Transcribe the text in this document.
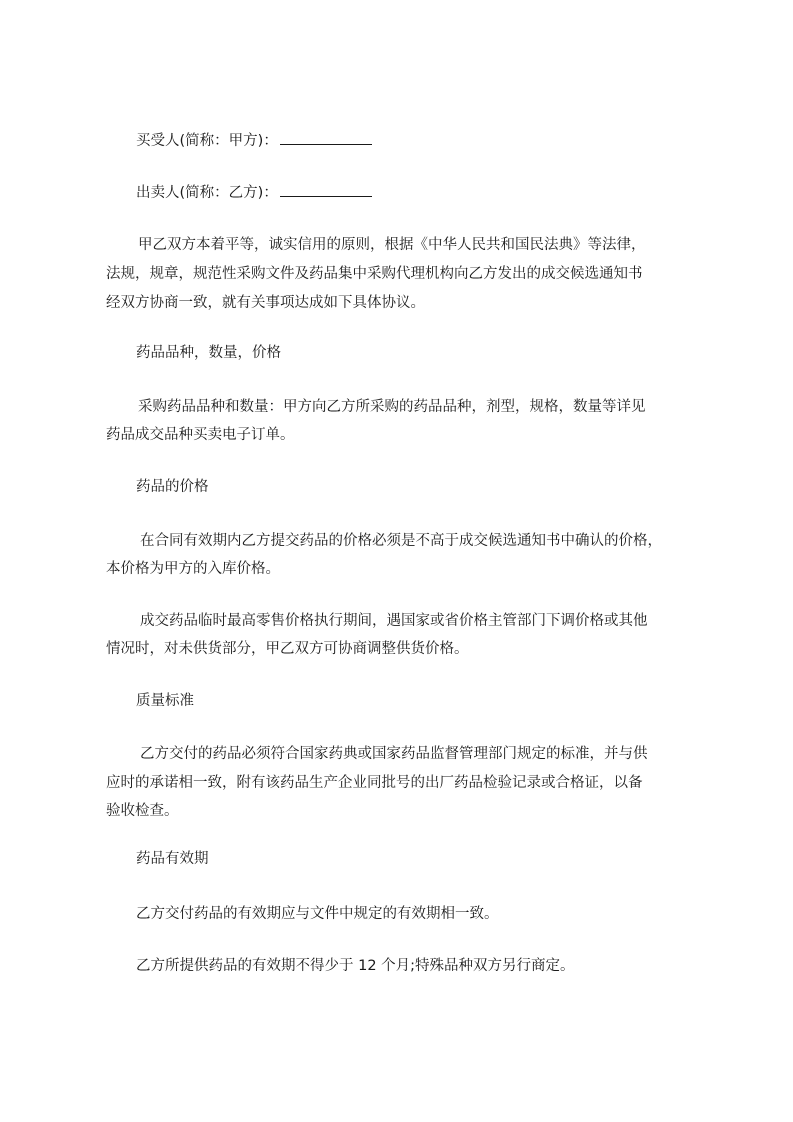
买受人(简称：甲方)：
出卖人(简称：乙方)：
甲乙双方本着平等，诚实信用的原则，根据《中华人民共和国民法典》等法律，
法规，规章，规范性采购文件及药品集中采购代理机构向乙方发出的成交候选通知书
经双方协商一致，就有关事项达成如下具体协议。
药品品种，数量，价格
采购药品品种和数量：甲方向乙方所采购的药品品种，剂型，规格，数量等详见
药品成交品种买卖电子订单。
药品的价格
在合同有效期内乙方提交药品的价格必须是不高于成交候选通知书中确认的价格，
本价格为甲方的入库价格。
成交药品临时最高零售价格执行期间，遇国家或省价格主管部门下调价格或其他
情况时，对未供货部分，甲乙双方可协商调整供货价格。
质量标准
乙方交付的药品必须符合国家药典或国家药品监督管理部门规定的标准，并与供
应时的承诺相一致，附有该药品生产企业同批号的出厂药品检验记录或合格证，以备
验收检查。
药品有效期
乙方交付药品的有效期应与文件中规定的有效期相一致。
乙方所提供药品的有效期不得少于 12 个月;特殊品种双方另行商定。
